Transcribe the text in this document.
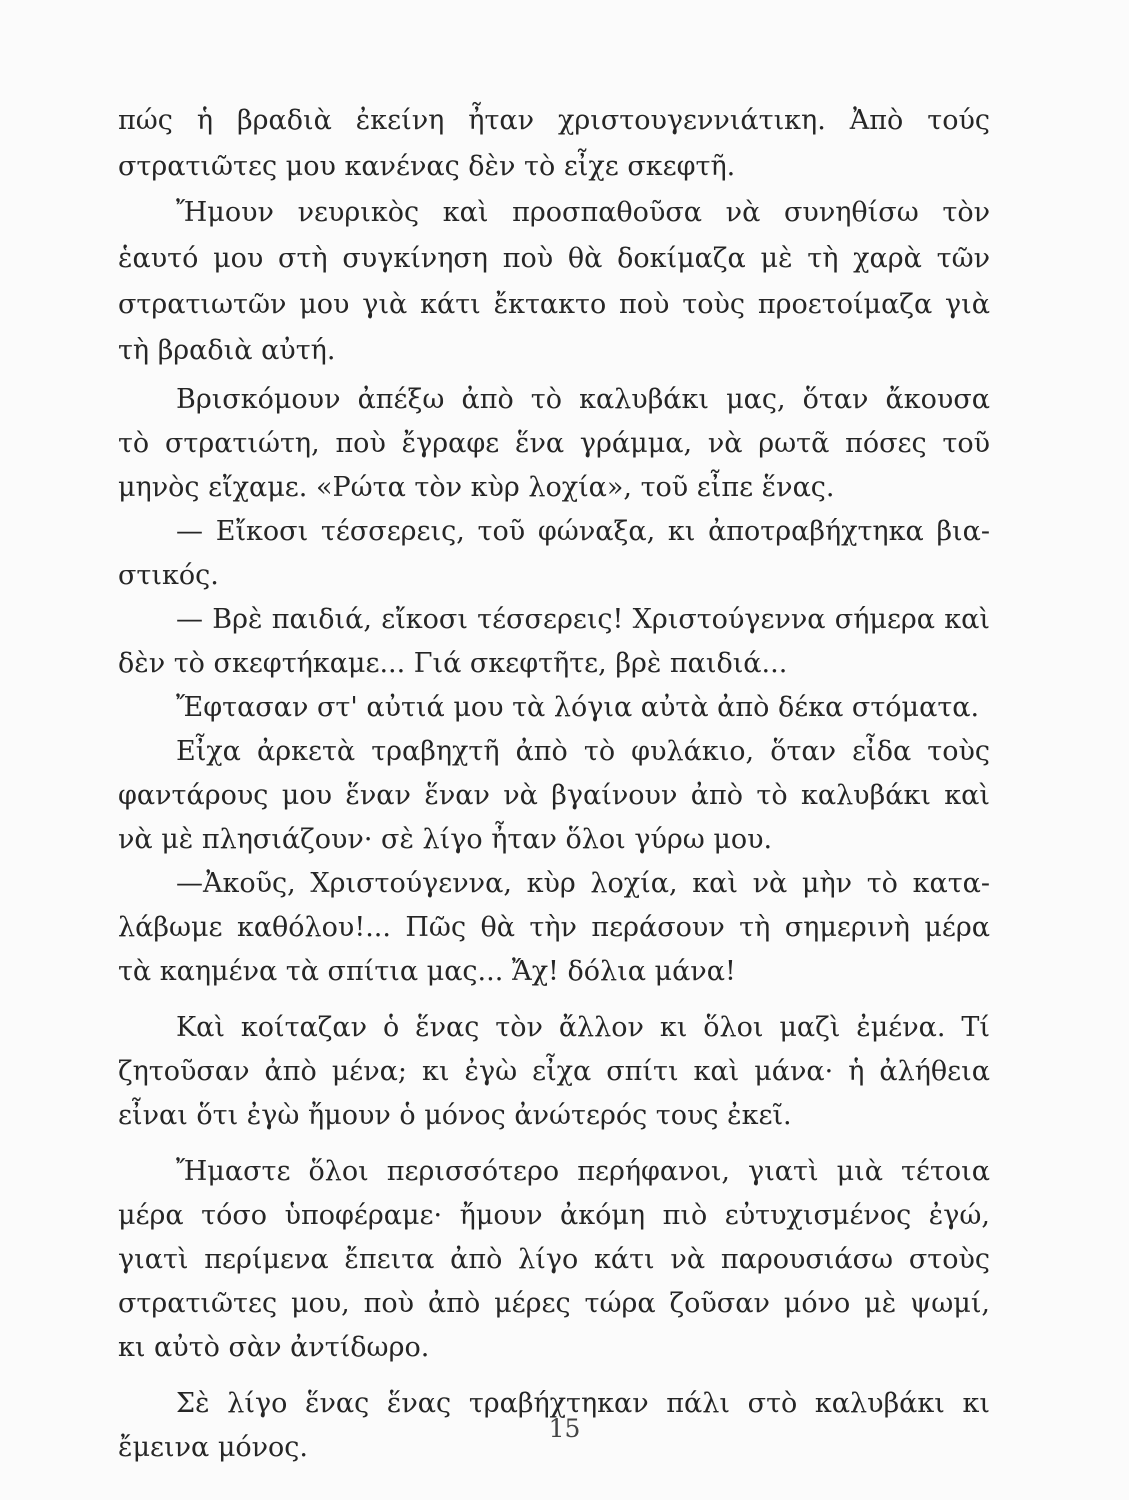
πώς ἡ βραδιὰ ἐκείνη ἦταν χριστουγεννιάτικη. Ἀπὸ τούς
στρατιῶτες μου κανένας δὲν τὸ εἶχε σκεφτῆ.
Ἤμουν νευρικὸς καὶ προσπαθοῦσα νὰ συνηθίσω τὸν
ἑαυτό μου στὴ συγκίνηση ποὺ θὰ δοκίμαζα μὲ τὴ χαρὰ τῶν
στρατιωτῶν μου γιὰ κάτι ἔκτακτο ποὺ τοὺς προετοίμαζα γιὰ
τὴ βραδιὰ αὐτή.
Βρισκόμουν ἀπέξω ἀπὸ τὸ καλυβάκι μας, ὅταν ἄκουσα
τὸ στρατιώτη, ποὺ ἔγραφε ἕνα γράμμα, νὰ ρωτᾶ πόσες τοῦ
μηνὸς εἴχαμε. «Ρώτα τὸν κὺρ λοχία», τοῦ εἶπε ἕνας.
— Εἴκοσι τέσσερεις, τοῦ φώναξα, κι ἀποτραβήχτηκα βια-
στικός.
— Βρὲ παιδιά, εἴκοσι τέσσερεις! Χριστούγεννα σήμερα καὶ
δὲν τὸ σκεφτήκαμε... Γιά σκεφτῆτε, βρὲ παιδιά...
Ἔφτασαν στ' αὐτιά μου τὰ λόγια αὐτὰ ἀπὸ δέκα στόματα.
Εἶχα ἀρκετὰ τραβηχτῆ ἀπὸ τὸ φυλάκιο, ὅταν εἶδα τοὺς
φαντάρους μου ἕναν ἕναν νὰ βγαίνουν ἀπὸ τὸ καλυβάκι καὶ
νὰ μὲ πλησιάζουν· σὲ λίγο ἦταν ὅλοι γύρω μου.
—Ἀκοῦς, Χριστούγεννα, κὺρ λοχία, καὶ νὰ μὴν τὸ κατα-
λάβωμε καθόλου!... Πῶς θὰ τὴν περάσουν τὴ σημερινὴ μέρα
τὰ καημένα τὰ σπίτια μας... Ἄχ! δόλια μάνα!
Καὶ κοίταζαν ὁ ἕνας τὸν ἄλλον κι ὅλοι μαζὶ ἐμένα. Τί
ζητοῦσαν ἀπὸ μένα; κι ἐγὼ εἶχα σπίτι καὶ μάνα· ἡ ἀλήθεια
εἶναι ὅτι ἐγὼ ἤμουν ὁ μόνος ἀνώτερός τους ἐκεῖ.
Ἤμαστε ὅλοι περισσότερο περήφανοι, γιατὶ μιὰ τέτοια
μέρα τόσο ὑποφέραμε· ἤμουν ἀκόμη πιὸ εὐτυχισμένος ἐγώ,
γιατὶ περίμενα ἔπειτα ἀπὸ λίγο κάτι νὰ παρουσιάσω στοὺς
στρατιῶτες μου, ποὺ ἀπὸ μέρες τώρα ζοῦσαν μόνο μὲ ψωμί,
κι αὐτὸ σὰν ἀντίδωρο.
Σὲ λίγο ἕνας ἕνας τραβήχτηκαν πάλι στὸ καλυβάκι κι
ἔμεινα μόνος.
15
